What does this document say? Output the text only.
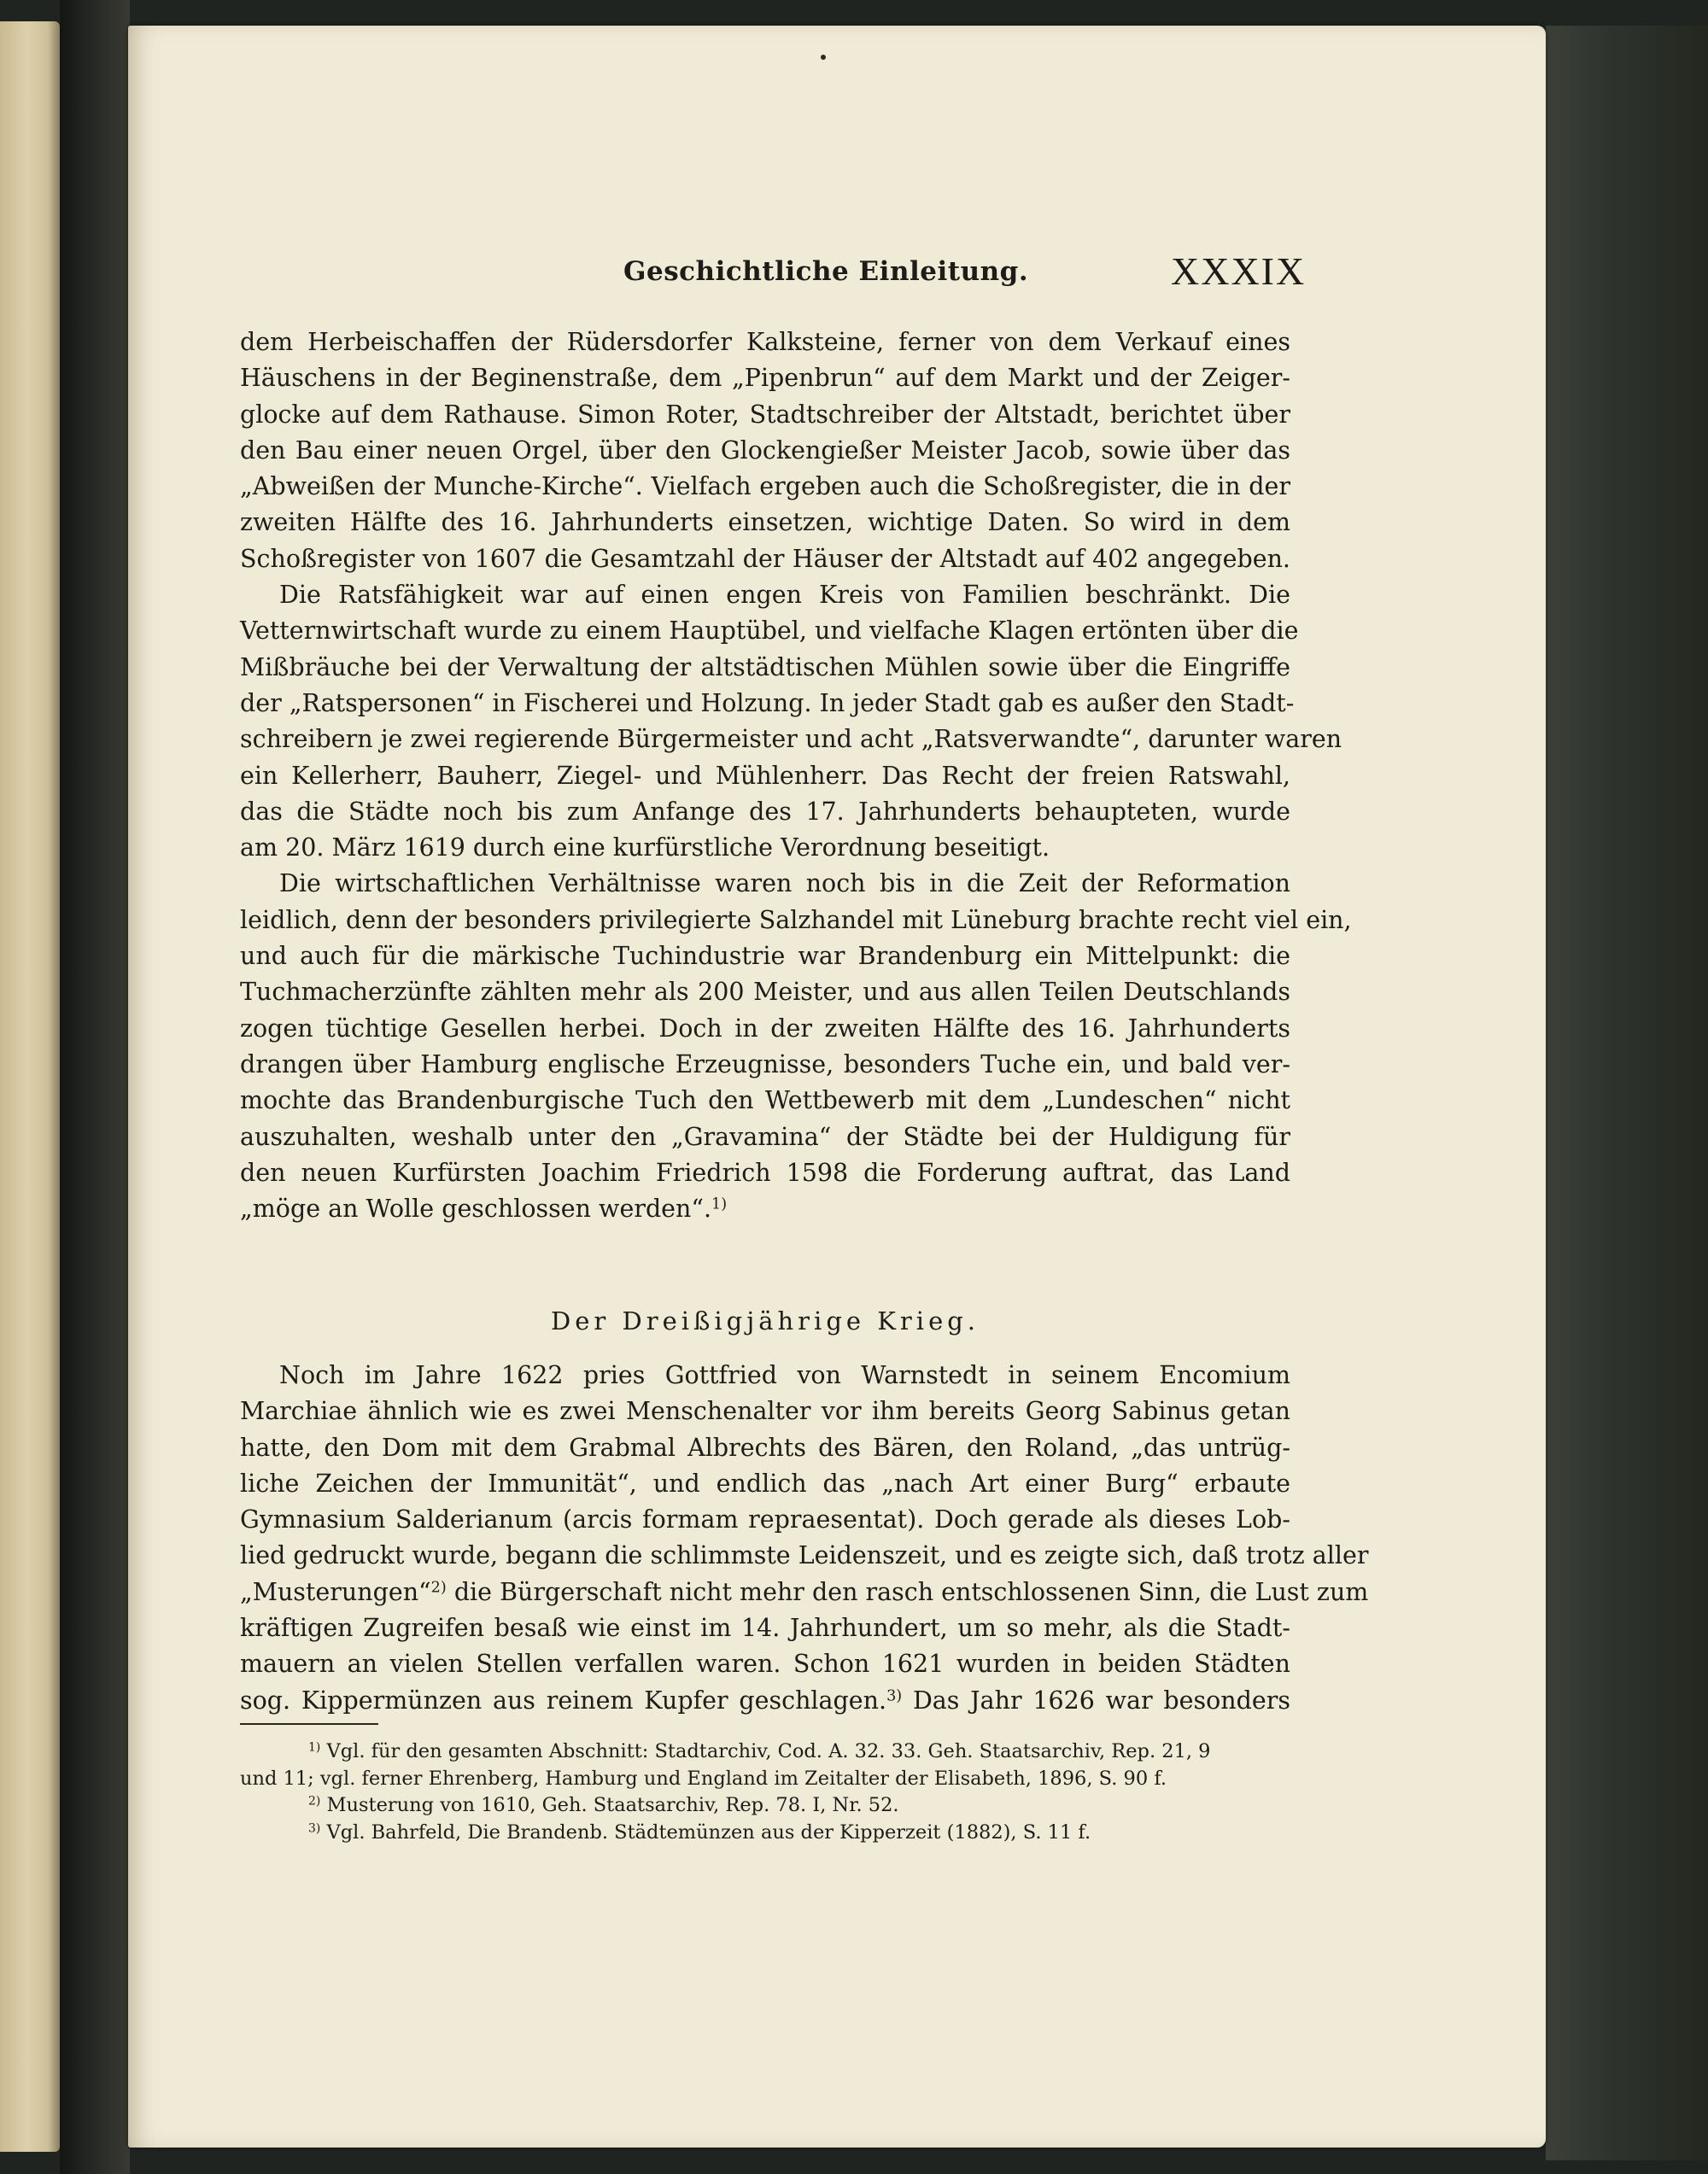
Geschichtliche Einleitung.	XXXIX
dem Herbeischaffen der Rüdersdorfer Kalksteine, ferner von dem Verkauf eines
Häuschens in der Beginenstraße, dem „Pipenbrun“ auf dem Markt und der Zeiger-
glocke auf dem Rathause. Simon Roter, Stadtschreiber der Altstadt, berichtet über
den Bau einer neuen Orgel, über den Glockengießer Meister Jacob, sowie über das
„Abweißen der Munche-Kirche“. Vielfach ergeben auch die Schoßregister, die in der
zweiten Hälfte des 16. Jahrhunderts einsetzen, wichtige Daten. So wird in dem
Schoßregister von 1607 die Gesamtzahl der Häuser der Altstadt auf 402 angegeben.
Die Ratsfähigkeit war auf einen engen Kreis von Familien beschränkt. Die
Vetternwirtschaft wurde zu einem Hauptübel, und vielfache Klagen ertönten über die
Mißbräuche bei der Verwaltung der altstädtischen Mühlen sowie über die Eingriffe
der „Ratspersonen“ in Fischerei und Holzung. In jeder Stadt gab es außer den Stadt-
schreibern je zwei regierende Bürgermeister und acht „Ratsverwandte“, darunter waren
ein Kellerherr, Bauherr, Ziegel- und Mühlenherr. Das Recht der freien Ratswahl,
das die Städte noch bis zum Anfange des 17. Jahrhunderts behaupteten, wurde
am 20. März 1619 durch eine kurfürstliche Verordnung beseitigt.
Die wirtschaftlichen Verhältnisse waren noch bis in die Zeit der Reformation
leidlich, denn der besonders privilegierte Salzhandel mit Lüneburg brachte recht viel ein,
und auch für die märkische Tuchindustrie war Brandenburg ein Mittelpunkt: die
Tuchmacherzünfte zählten mehr als 200 Meister, und aus allen Teilen Deutschlands
zogen tüchtige Gesellen herbei. Doch in der zweiten Hälfte des 16. Jahrhunderts
drangen über Hamburg englische Erzeugnisse, besonders Tuche ein, und bald ver-
mochte das Brandenburgische Tuch den Wettbewerb mit dem „Lundeschen“ nicht
auszuhalten, weshalb unter den „Gravamina“ der Städte bei der Huldigung für
den neuen Kurfürsten Joachim Friedrich 1598 die Forderung auftrat, das Land
„möge an Wolle geschlossen werden“.$^{1)}$
Der Dreißigjährige Krieg.
Noch im Jahre 1622 pries Gottfried von Warnstedt in seinem Encomium
Marchiae ähnlich wie es zwei Menschenalter vor ihm bereits Georg Sabinus getan
hatte, den Dom mit dem Grabmal Albrechts des Bären, den Roland, „das untrüg-
liche Zeichen der Immunität“, und endlich das „nach Art einer Burg“ erbaute
Gymnasium Salderianum (arcis formam repraesentat). Doch gerade als dieses Lob-
lied gedruckt wurde, begann die schlimmste Leidenszeit, und es zeigte sich, daß trotz aller
„Musterungen“$^{2)}$ die Bürgerschaft nicht mehr den rasch entschlossenen Sinn, die Lust zum
kräftigen Zugreifen besaß wie einst im 14. Jahrhundert, um so mehr, als die Stadt-
mauern an vielen Stellen verfallen waren. Schon 1621 wurden in beiden Städten
sog. Kippermünzen aus reinem Kupfer geschlagen.$^{3)}$ Das Jahr 1626 war besonders
$^{1)}$ Vgl. für den gesamten Abschnitt: Stadtarchiv, Cod. A. 32. 33. Geh. Staatsarchiv, Rep. 21, 9
und 11; vgl. ferner Ehrenberg, Hamburg und England im Zeitalter der Elisabeth, 1896, S. 90 f.
$^{2)}$ Musterung von 1610, Geh. Staatsarchiv, Rep. 78. I, Nr. 52.
$^{3)}$ Vgl. Bahrfeld, Die Brandenb. Städtemünzen aus der Kipperzeit (1882), S. 11 f.
